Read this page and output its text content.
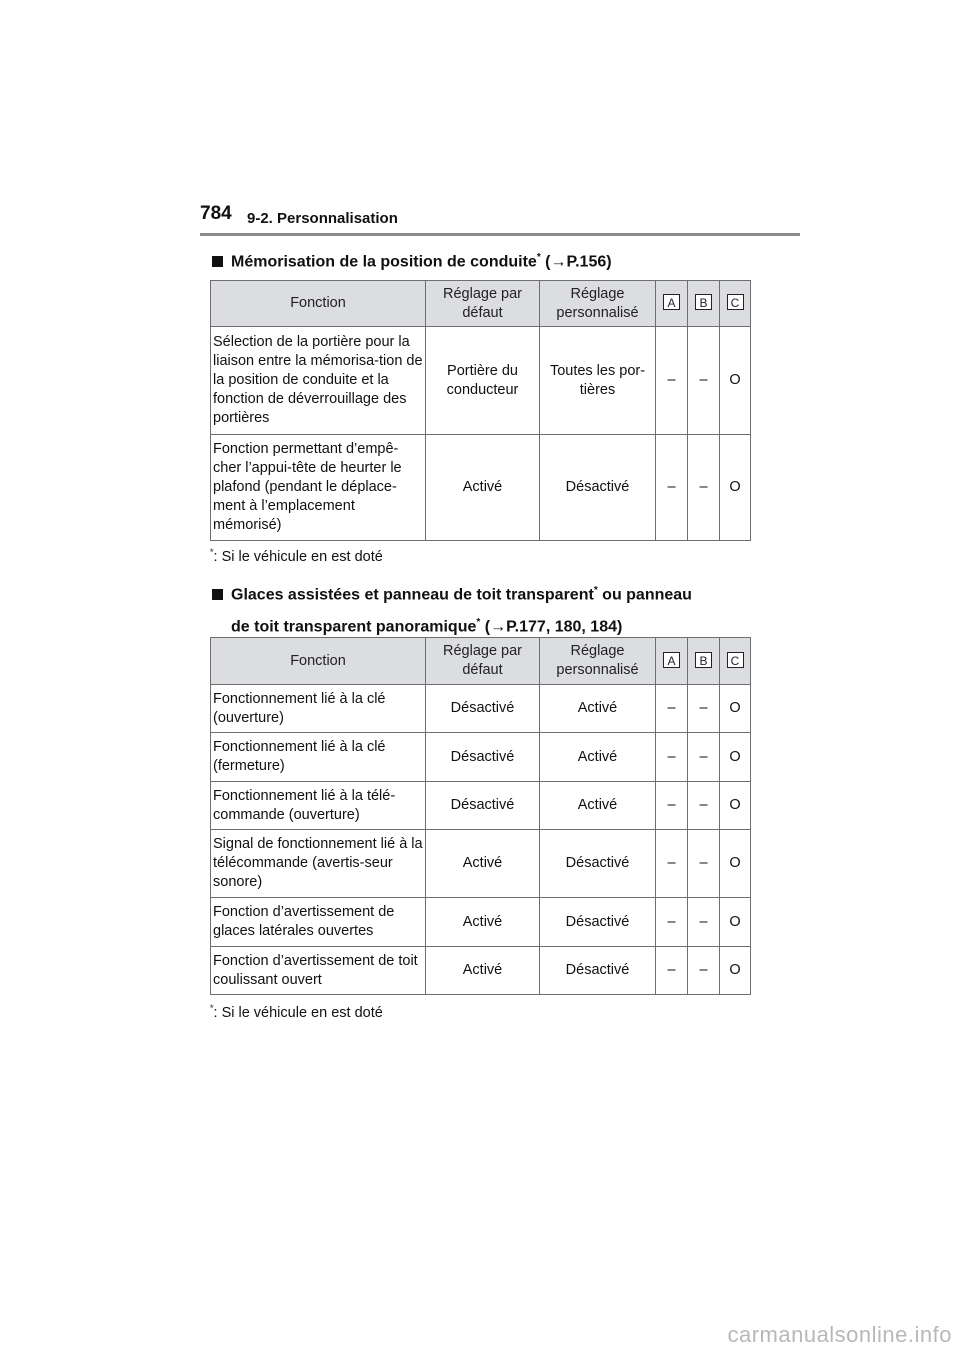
784 9-2. Personnalisation
Mémorisation de la position de conduite* (→P.156)
Fonction	Réglage par défaut	Réglage personnalisé	A	B	C
Sélection de la portière pour la liaison entre la mémorisa-tion de la position de conduite et la fonction de déverrouillage des portières	Portière du conducteur	Toutes les por-tières	–	–	O
Fonction permettant d’empê-cher l’appui-tête de heurter le plafond (pendant le déplace-ment à l’emplacement mémorisé)	Activé	Désactivé	–	–	O
*: Si le véhicule en est doté
Glaces assistées et panneau de toit transparent* ou panneau
de toit transparent panoramique* (→P.177, 180, 184)
Fonction	Réglage par défaut	Réglage personnalisé	A	B	C
Fonctionnement lié à la clé (ouverture)	Désactivé	Activé	–	–	O
Fonctionnement lié à la clé (fermeture)	Désactivé	Activé	–	–	O
Fonctionnement lié à la télé-commande (ouverture)	Désactivé	Activé	–	–	O
Signal de fonctionnement lié à la télécommande (avertis-seur sonore)	Activé	Désactivé	–	–	O
Fonction d’avertissement de glaces latérales ouvertes	Activé	Désactivé	–	–	O
Fonction d’avertissement de toit coulissant ouvert	Activé	Désactivé	–	–	O
*: Si le véhicule en est doté
carmanualsonline.info
